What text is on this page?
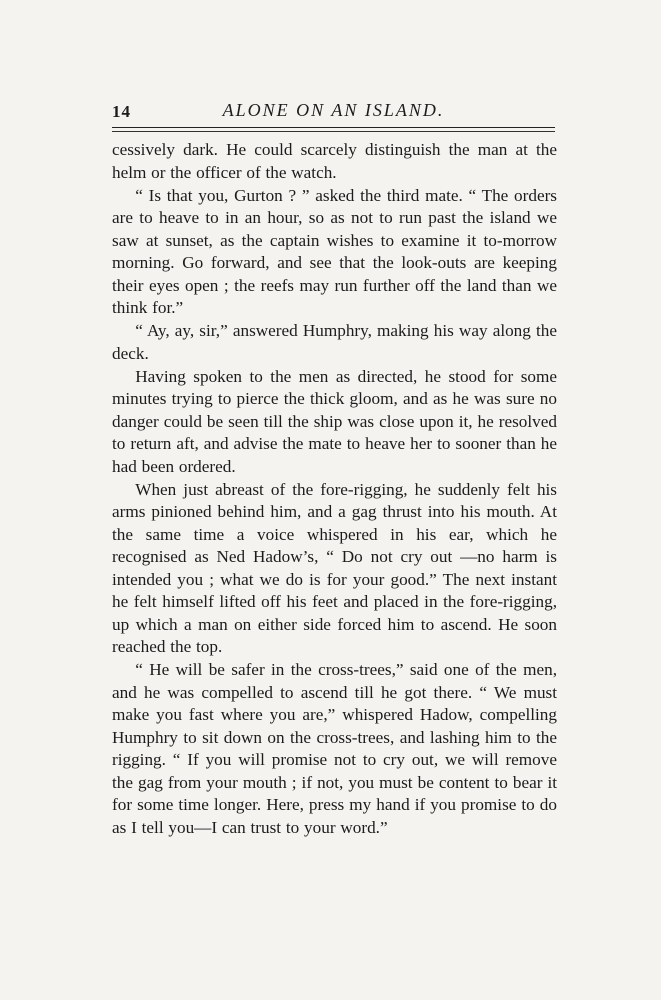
14	ALONE ON AN ISLAND.

cessively dark. He could scarcely distinguish the man at the helm or the officer of the watch.

“ Is that you, Gurton ? ” asked the third mate. “ The orders are to heave to in an hour, so as not to run past the island we saw at sunset, as the captain wishes to examine it to-morrow morning. Go forward, and see that the look-outs are keeping their eyes open ; the reefs may run further off the land than we think for.”

“ Ay, ay, sir,” answered Humphry, making his way along the deck.

Having spoken to the men as directed, he stood for some minutes trying to pierce the thick gloom, and as he was sure no danger could be seen till the ship was close upon it, he resolved to return aft, and advise the mate to heave her to sooner than he had been ordered.

When just abreast of the fore-rigging, he suddenly felt his arms pinioned behind him, and a gag thrust into his mouth. At the same time a voice whispered in his ear, which he recognised as Ned Hadow’s, “ Do not cry out —no harm is intended you ; what we do is for your good.” The next instant he felt himself lifted off his feet and placed in the fore-rigging, up which a man on either side forced him to ascend. He soon reached the top.

“ He will be safer in the cross-trees,” said one of the men, and he was compelled to ascend till he got there. “ We must make you fast where you are,” whispered Hadow, compelling Humphry to sit down on the cross-trees, and lashing him to the rigging. “ If you will promise not to cry out, we will remove the gag from your mouth ; if not, you must be content to bear it for some time longer. Here, press my hand if you promise to do as I tell you—I can trust to your word.”
